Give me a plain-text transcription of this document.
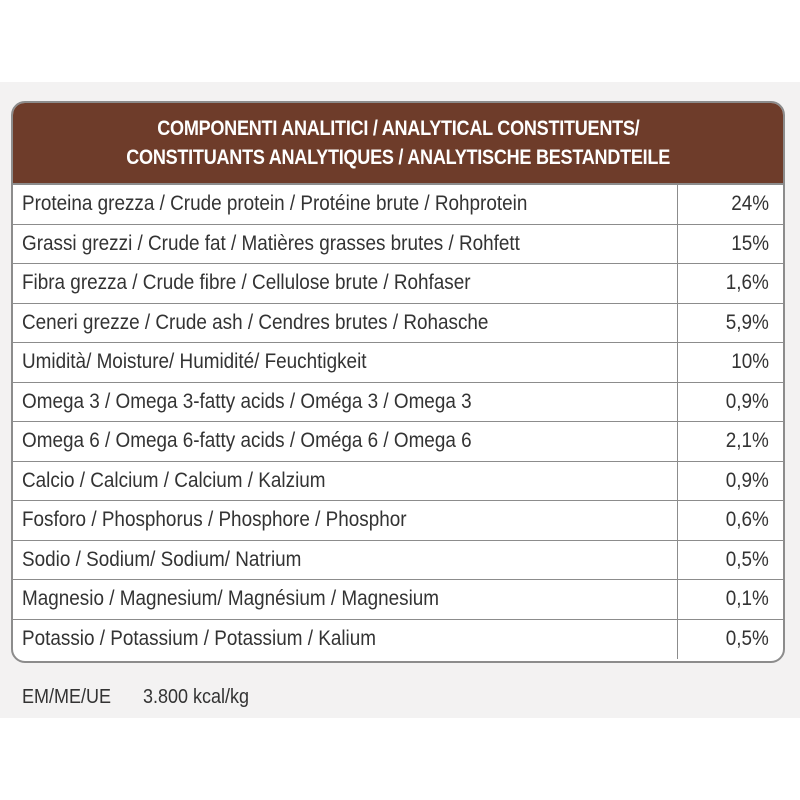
COMPONENTI ANALITICI / ANALYTICAL CONSTITUENTS/
CONSTITUANTS ANALYTIQUES / ANALYTISCHE BESTANDTEILE
Proteina grezza / Crude protein / Protéine brute / Rohprotein	24%
Grassi grezzi / Crude fat / Matières grasses brutes / Rohfett	15%
Fibra grezza / Crude fibre / Cellulose brute / Rohfaser	1,6%
Ceneri grezze / Crude ash / Cendres brutes / Rohasche	5,9%
Umidità/ Moisture/ Humidité/ Feuchtigkeit	10%
Omega 3 / Omega 3-fatty acids / Oméga 3 / Omega 3	0,9%
Omega 6 / Omega 6-fatty acids / Oméga 6 / Omega 6	2,1%
Calcio / Calcium / Calcium / Kalzium	0,9%
Fosforo / Phosphorus / Phosphore / Phosphor	0,6%
Sodio / Sodium/ Sodium/ Natrium	0,5%
Magnesio / Magnesium/ Magnésium / Magnesium	0,1%
Potassio / Potassium / Potassium / Kalium	0,5%
EM/ME/UE 3.800 kcal/kg
